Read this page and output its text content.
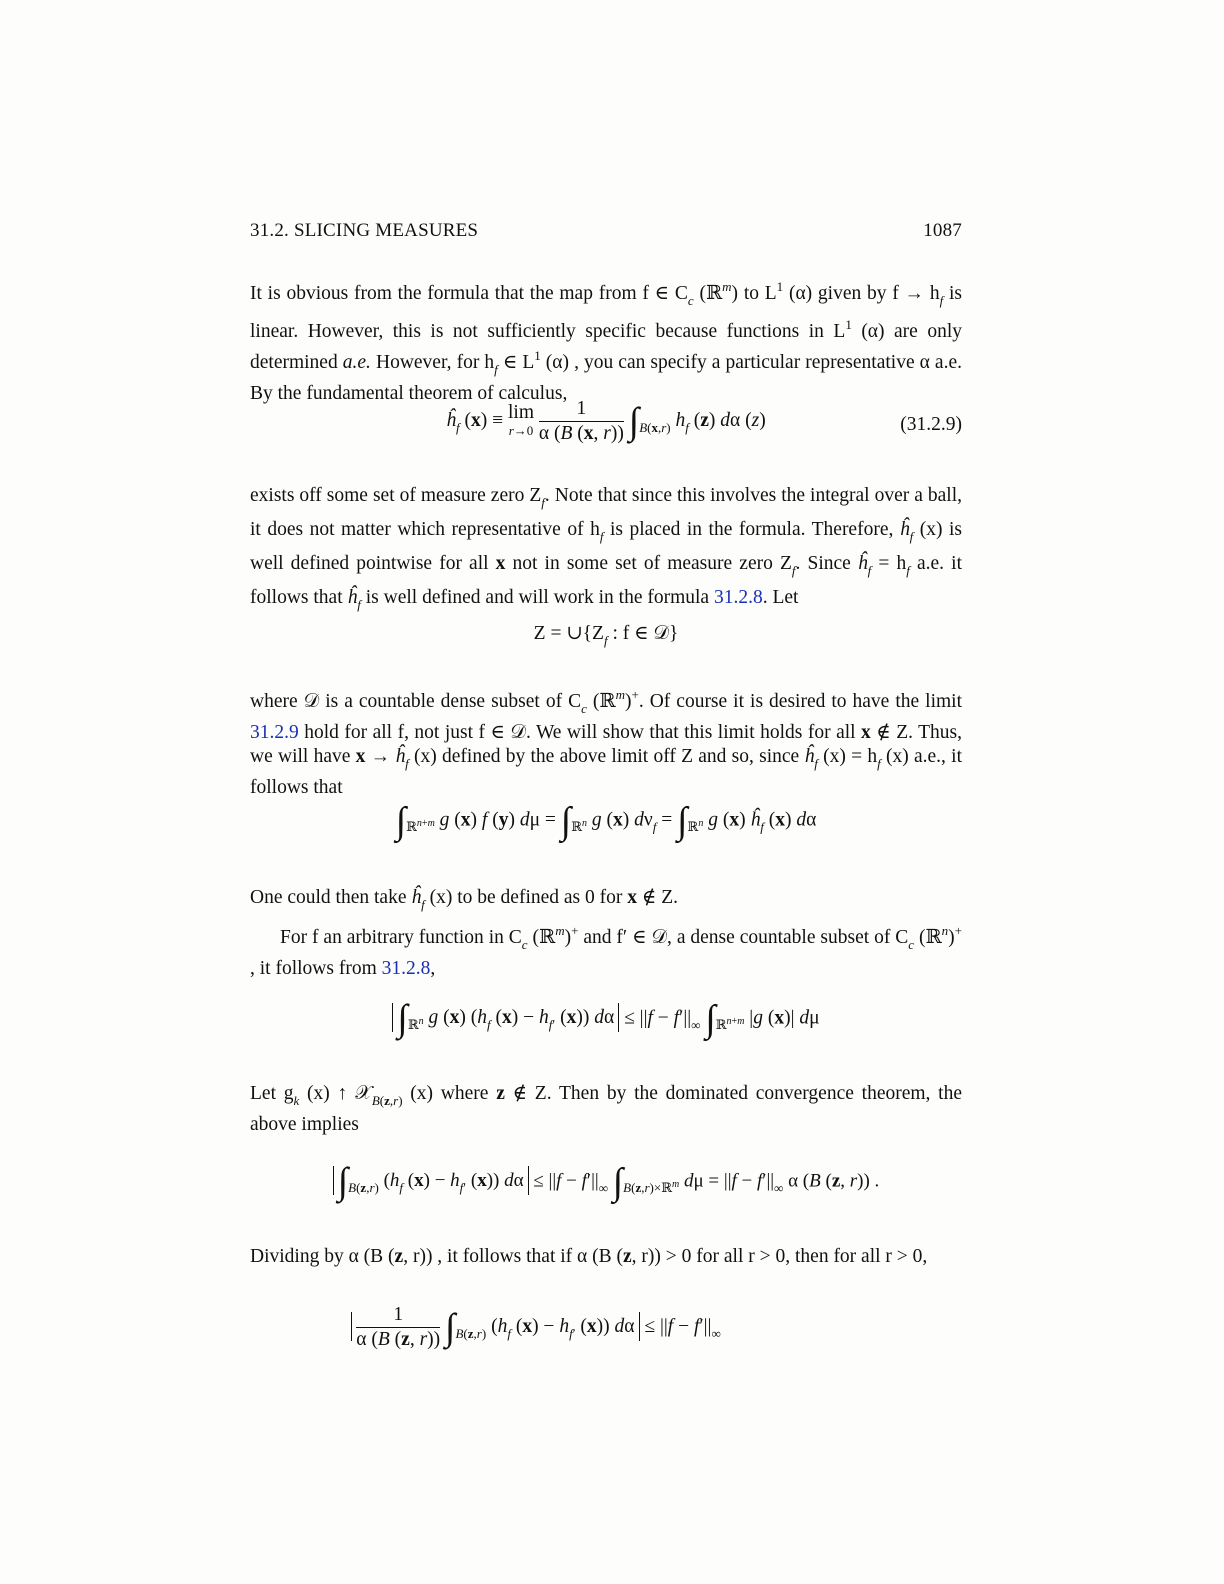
31.2. SLICING MEASURES	1087
It is obvious from the formula that the map from f ∈ $C_c$ (ℝ$^m$) to $L^1$ (α) given by $f \to h_f$ is linear. However, this is not sufficiently specific because functions in $L^1$ (α) are only determined a.e. However, for $h_f$ ∈ $L^1$ (α) , you can specify a particular representative α a.e. By the fundamental theorem of calculus,
$ĥ_f$ (x) ≡ lim
r→0
$\frac{1}{\alpha (B (x, r))} \int_{B(x,r)}$ $h_f$ (z) dα (z)	(31.2.9)
exists off some set of measure zero $Z_f$. Note that since this involves the integral over a ball, it does not matter which representative of $h_f$ is placed in the formula. Therefore, $ĥ_f$ (x) is well defined pointwise for all x not in some set of measure zero $Z_f$. Since $ĥ_f = h_f$ a.e. it follows that $ĥ_f$ is well defined and will work in the formula 31.2.8. Let
$Z = \cup\{Z_f$ : f ∈ 𝒟}
where 𝒟 is a countable dense subset of $C_c$ (ℝ$^m$)+. Of course it is desired to have the limit 31.2.9 hold for all f, not just f ∈ 𝒟. We will show that this limit holds for all x ∉ Z. Thus, we will have $x \to ĥ_f$ (x) defined by the above limit off Z and so, since $ĥ_f$ $(x) = h_f$ (x) a.e., it follows that
$\int_{ℝ^{n+m}}$ g (x) f (y) $d\mu = \int_{ℝ^n}$ g (x) $d\nu_f = \int_{ℝ^n}$ g (x) $ĥ_f$ (x) dα
One could then take $ĥ_f$ (x) to be defined as 0 for x ∉ Z.
For f an arbitrary function in $C_c$ (ℝ$^m$)+ and f′ ∈ 𝒟, a dense countable subset of $C_c$ (ℝ$^n$)+ , it follows from 31.2.8,
$\int_{ℝ^n}$ g (x) ($h_f$ $(x) - h_{f'}$ (x)) $d\alpha \le ||f - f'||_\infty$ $\int_{ℝ^{n+m}}$ |g (x)| dμ
Let $g_k$ (x) ↑ 𝒳$_{B(z,r)}$ (x) where z ∉ Z. Then by the dominated convergence theorem, the above implies
$\int_{B(z,r)}$ ($h_f$ $(x) - h_{f'}$ (x)) $d\alpha \le ||f - f'||_\infty$ $\int_{B(z,r)\times ℝ^m}$ $d\mu = ||f - f'||_\infty$ α (B (z, r)) .
Dividing by α (B (z, r)) , it follows that if α (B (z, r)) > 0 for all r > 0, then for all r > 0,
$\frac{1}{\alpha (B (z, r))} \int_{B(z,r)}$ ($h_f$ $(x) - h_{f'}$ (x)) $d\alpha \le ||f - f'||_\infty$
